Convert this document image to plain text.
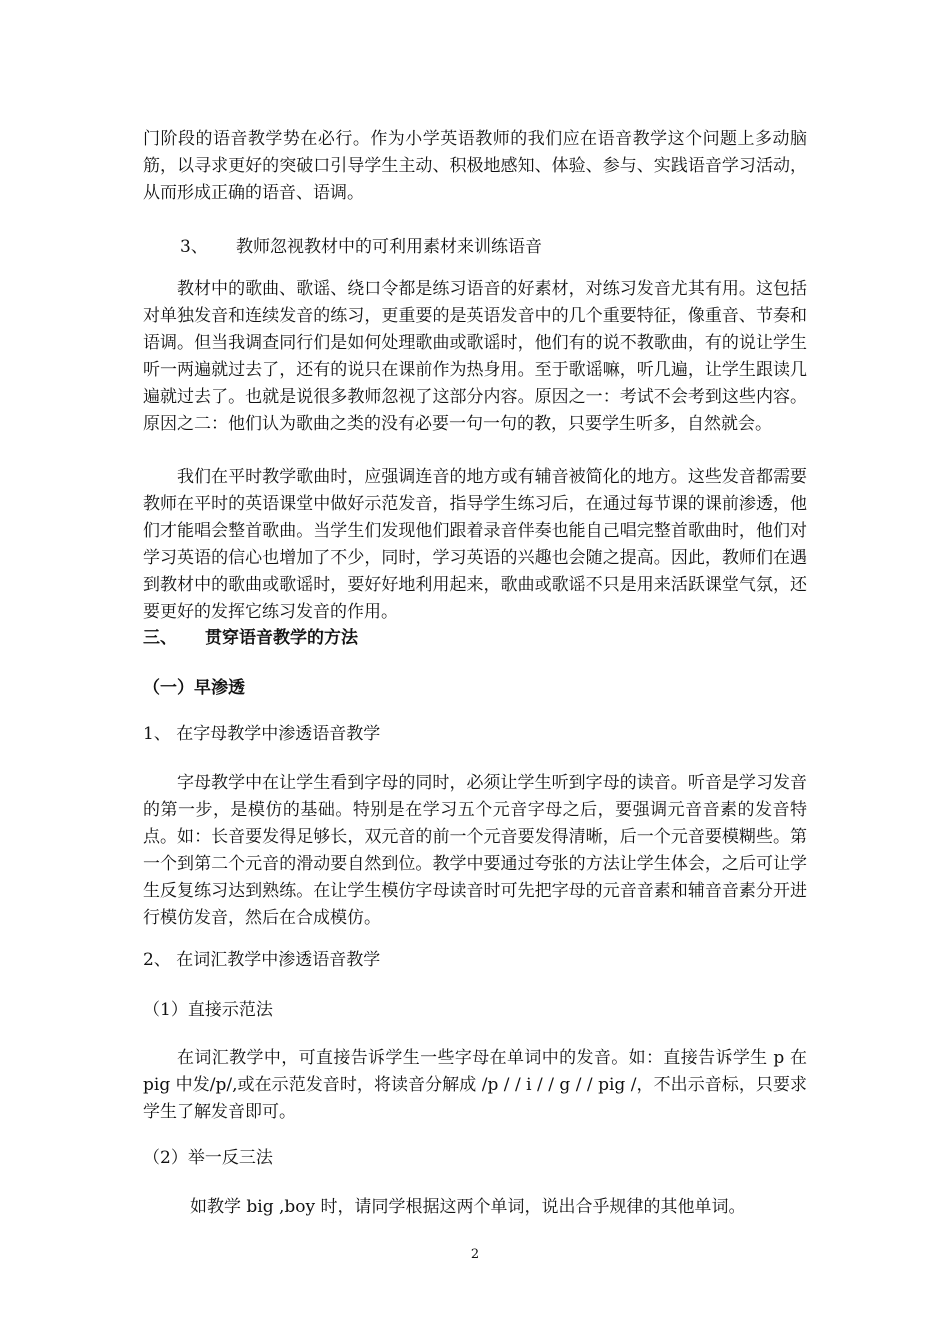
门阶段的语音教学势在必行。作为小学英语教师的我们应在语音教学这个问题上多动脑筋，以寻求更好的突破口引导学生主动、积极地感知、体验、参与、实践语音学习活动，从而形成正确的语音、语调。
3、 教师忽视教材中的可利用素材来训练语音
教材中的歌曲、歌谣、绕口令都是练习语音的好素材，对练习发音尤其有用。这包括对单独发音和连续发音的练习，更重要的是英语发音中的几个重要特征，像重音、节奏和语调。但当我调查同行们是如何处理歌曲或歌谣时，他们有的说不教歌曲，有的说让学生听一两遍就过去了，还有的说只在课前作为热身用。至于歌谣嘛，听几遍，让学生跟读几遍就过去了。也就是说很多教师忽视了这部分内容。原因之一：考试不会考到这些内容。原因之二：他们认为歌曲之类的没有必要一句一句的教，只要学生听多，自然就会。
我们在平时教学歌曲时，应强调连音的地方或有辅音被简化的地方。这些发音都需要教师在平时的英语课堂中做好示范发音，指导学生练习后，在通过每节课的课前渗透，他们才能唱会整首歌曲。当学生们发现他们跟着录音伴奏也能自己唱完整首歌曲时，他们对学习英语的信心也增加了不少，同时，学习英语的兴趣也会随之提高。因此，教师们在遇到教材中的歌曲或歌谣时，要好好地利用起来，歌曲或歌谣不只是用来活跃课堂气氛，还要更好的发挥它练习发音的作用。
三、 贯穿语音教学的方法
（一）早渗透
1、 在字母教学中渗透语音教学
字母教学中在让学生看到字母的同时，必须让学生听到字母的读音。听音是学习发音的第一步，是模仿的基础。特别是在学习五个元音字母之后，要强调元音音素的发音特点。如：长音要发得足够长，双元音的前一个元音要发得清晰，后一个元音要模糊些。第一个到第二个元音的滑动要自然到位。教学中要通过夸张的方法让学生体会，之后可让学生反复练习达到熟练。在让学生模仿字母读音时可先把字母的元音音素和辅音音素分开进行模仿发音，然后在合成模仿。
2、 在词汇教学中渗透语音教学
（1）直接示范法
在词汇教学中，可直接告诉学生一些字母在单词中的发音。如：直接告诉学生 p 在 pig 中发/p/,或在示范发音时，将读音分解成 /p / / i / / g / / pig /，不出示音标，只要求学生了解发音即可。
（2）举一反三法
如教学 big ,boy 时，请同学根据这两个单词，说出合乎规律的其他单词。
2
